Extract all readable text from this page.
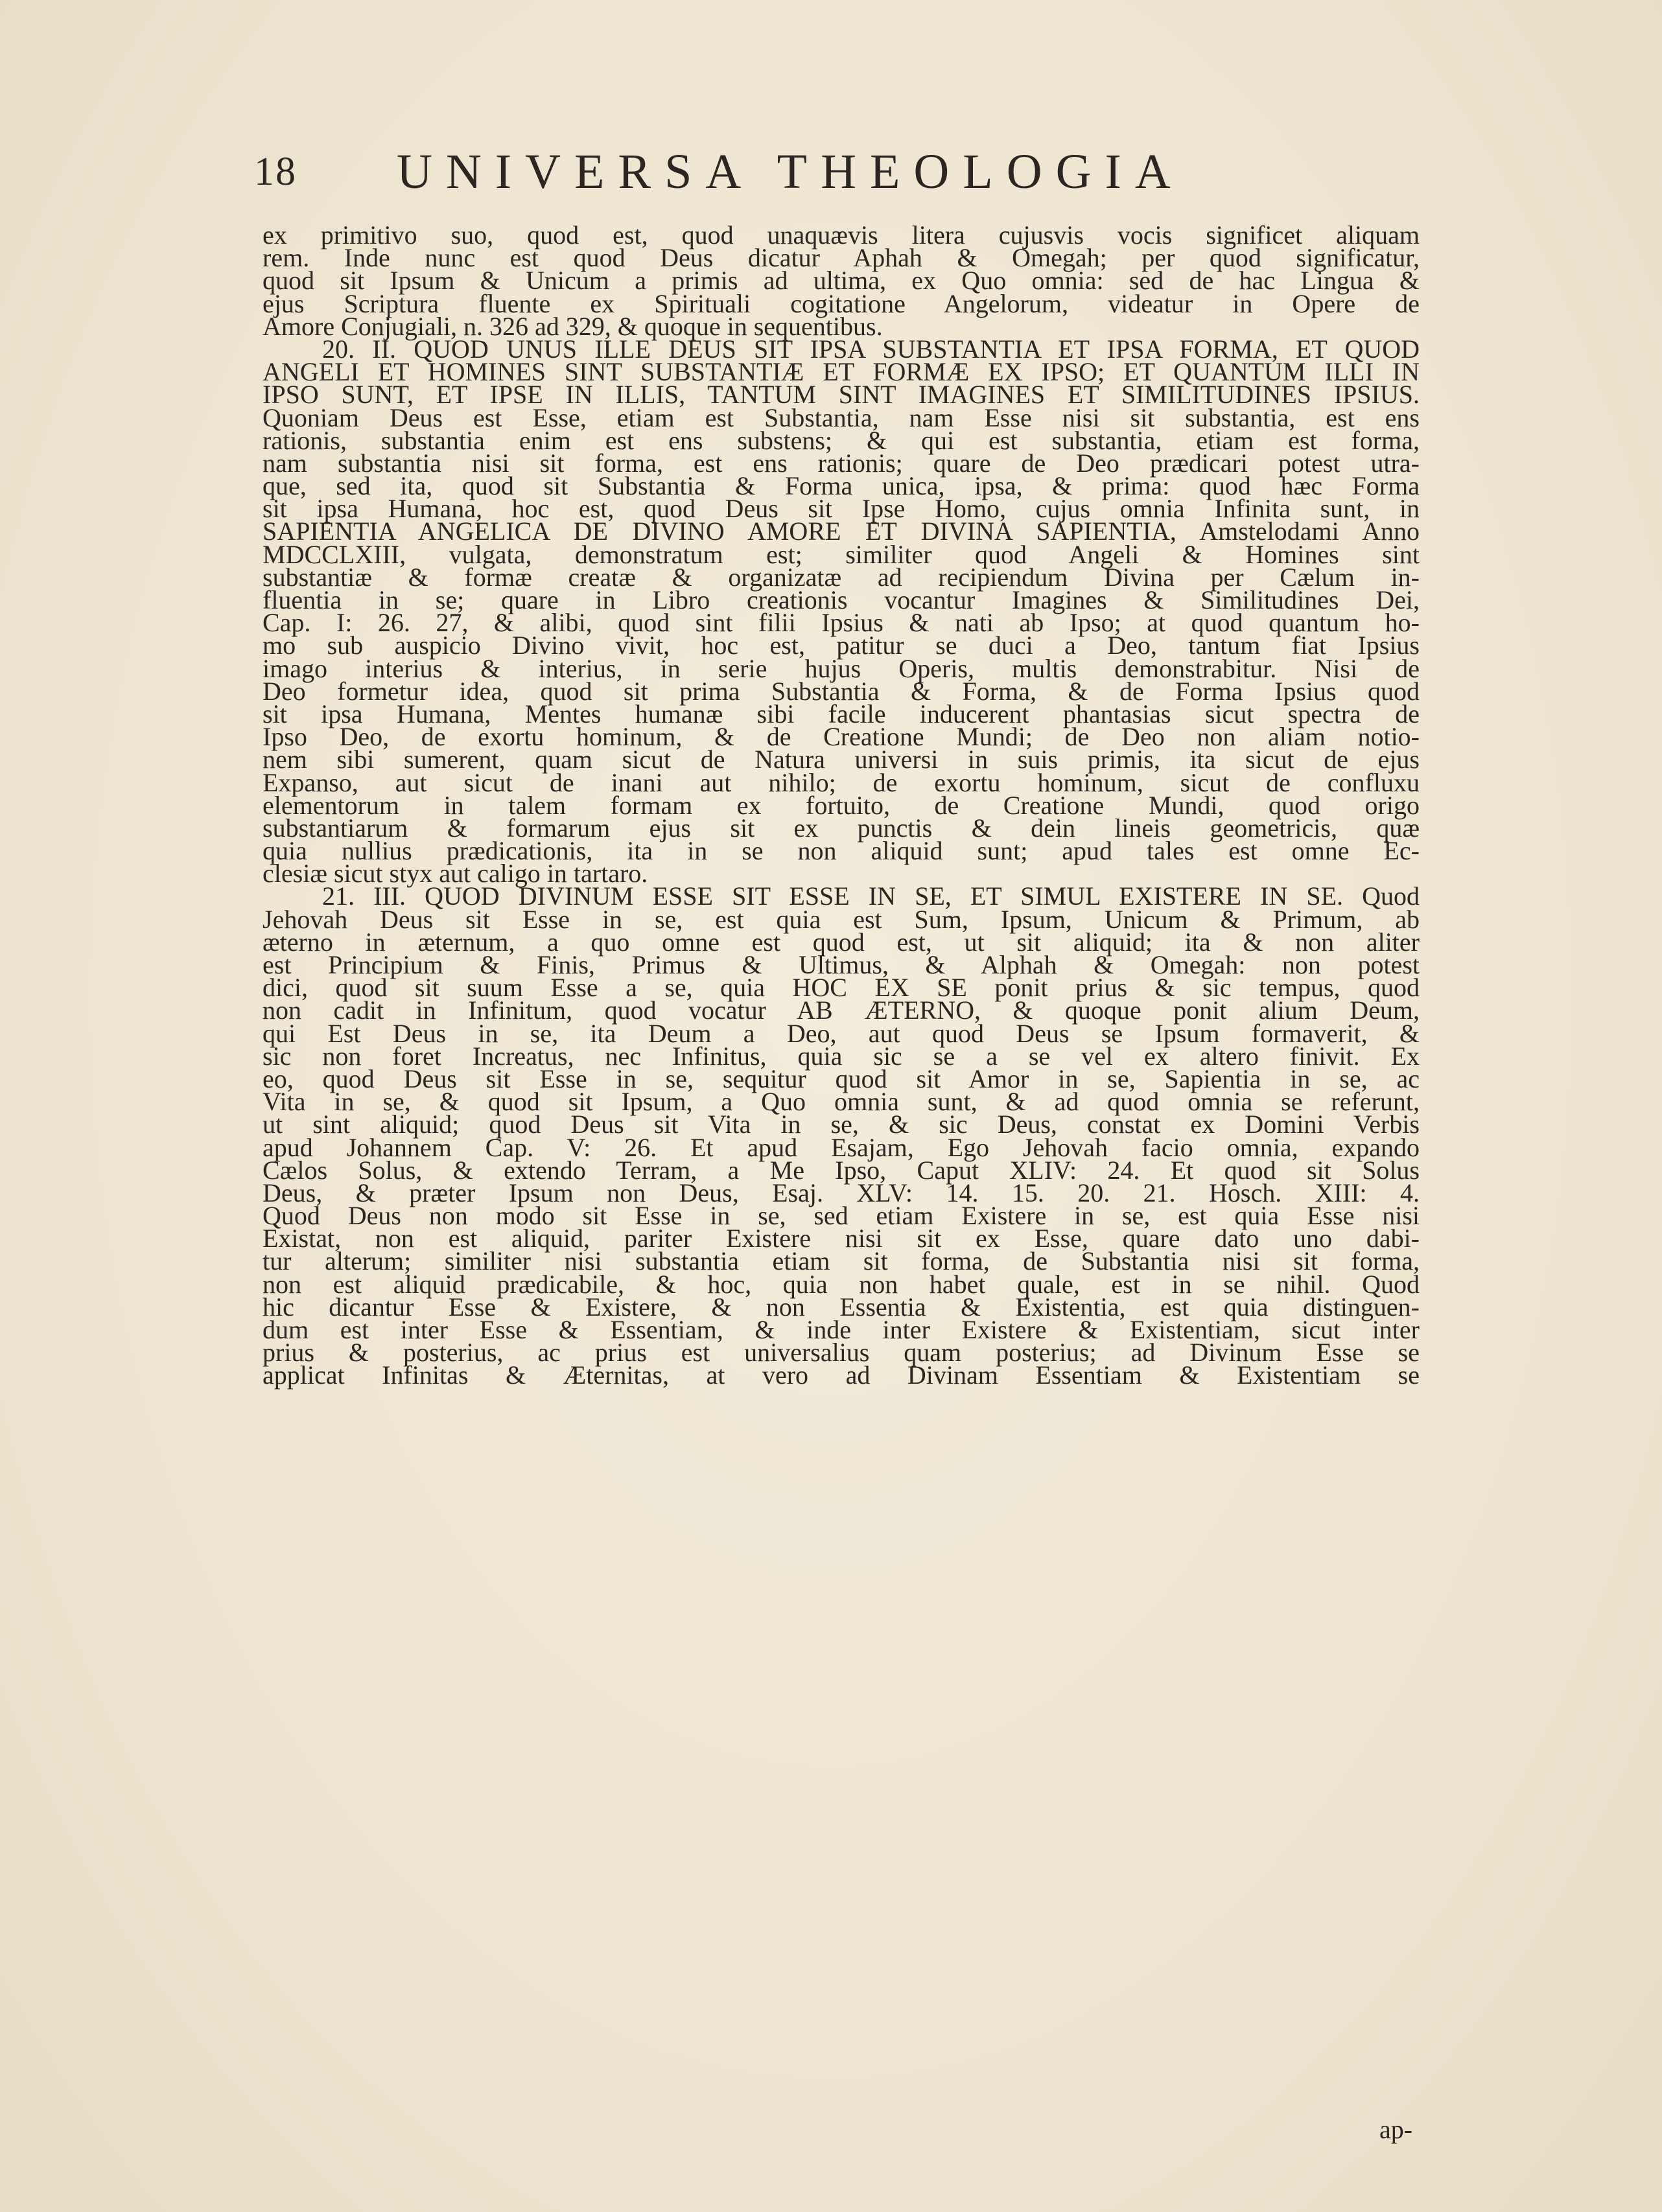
18 UNIVERSA THEOLOGIA
ex primitivo suo, quod est, quod unaquævis litera cujusvis vocis significet aliquam
rem. Inde nunc est quod Deus dicatur Aphah & Omegah; per quod significatur,
quod sit Ipsum & Unicum a primis ad ultima, ex Quo omnia: sed de hac Lingua &
ejus Scriptura fluente ex Spirituali cogitatione Angelorum, videatur in Opere de
Amore Conjugiali, n. 326 ad 329, & quoque in sequentibus.
20. II. QUOD UNUS ILLE DEUS SIT IPSA SUBSTANTIA ET IPSA FORMA, ET QUOD
ANGELI ET HOMINES SINT SUBSTANTIÆ ET FORMÆ EX IPSO; ET QUANTUM ILLI IN
IPSO SUNT, ET IPSE IN ILLIS, TANTUM SINT IMAGINES ET SIMILITUDINES IPSIUS.
Quoniam Deus est Esse, etiam est Substantia, nam Esse nisi sit substantia, est ens
rationis, substantia enim est ens substens; & qui est substantia, etiam est forma,
nam substantia nisi sit forma, est ens rationis; quare de Deo prædicari potest utra-
que, sed ita, quod sit Substantia & Forma unica, ipsa, & prima: quod hæc Forma
sit ipsa Humana, hoc est, quod Deus sit Ipse Homo, cujus omnia Infinita sunt, in
SAPIENTIA ANGELICA DE DIVINO AMORE ET DIVINA SAPIENTIA, Amstelodami Anno
MDCCLXIII, vulgata, demonstratum est; similiter quod Angeli & Homines sint
substantiæ & formæ creatæ & organizatæ ad recipiendum Divina per Cælum in-
fluentia in se; quare in Libro creationis vocantur Imagines & Similitudines Dei,
Cap. I: 26. 27, & alibi, quod sint filii Ipsius & nati ab Ipso; at quod quantum ho-
mo sub auspicio Divino vivit, hoc est, patitur se duci a Deo, tantum fiat Ipsius
imago interius & interius, in serie hujus Operis, multis demonstrabitur. Nisi de
Deo formetur idea, quod sit prima Substantia & Forma, & de Forma Ipsius quod
sit ipsa Humana, Mentes humanæ sibi facile inducerent phantasias sicut spectra de
Ipso Deo, de exortu hominum, & de Creatione Mundi; de Deo non aliam notio-
nem sibi sumerent, quam sicut de Natura universi in suis primis, ita sicut de ejus
Expanso, aut sicut de inani aut nihilo; de exortu hominum, sicut de confluxu
elementorum in talem formam ex fortuito, de Creatione Mundi, quod origo
substantiarum & formarum ejus sit ex punctis & dein lineis geometricis, quæ
quia nullius prædicationis, ita in se non aliquid sunt; apud tales est omne Ec-
clesiæ sicut styx aut caligo in tartaro.
21. III. QUOD DIVINUM ESSE SIT ESSE IN SE, ET SIMUL EXISTERE IN SE. Quod
Jehovah Deus sit Esse in se, est quia est Sum, Ipsum, Unicum & Primum, ab
æterno in æternum, a quo omne est quod est, ut sit aliquid; ita & non aliter
est Principium & Finis, Primus & Ultimus, & Alphah & Omegah: non potest
dici, quod sit suum Esse a se, quia HOC EX SE ponit prius & sic tempus, quod
non cadit in Infinitum, quod vocatur AB ÆTERNO, & quoque ponit alium Deum,
qui Est Deus in se, ita Deum a Deo, aut quod Deus se Ipsum formaverit, &
sic non foret Increatus, nec Infinitus, quia sic se a se vel ex altero finivit. Ex
eo, quod Deus sit Esse in se, sequitur quod sit Amor in se, Sapientia in se, ac
Vita in se, & quod sit Ipsum, a Quo omnia sunt, & ad quod omnia se referunt,
ut sint aliquid; quod Deus sit Vita in se, & sic Deus, constat ex Domini Verbis
apud Johannem Cap. V: 26. Et apud Esajam, Ego Jehovah facio omnia, expando
Cælos Solus, & extendo Terram, a Me Ipso, Caput XLIV: 24. Et quod sit Solus
Deus, & præter Ipsum non Deus, Esaj. XLV: 14. 15. 20. 21. Hosch. XIII: 4.
Quod Deus non modo sit Esse in se, sed etiam Existere in se, est quia Esse nisi
Existat, non est aliquid, pariter Existere nisi sit ex Esse, quare dato uno dabi-
tur alterum; similiter nisi substantia etiam sit forma, de Substantia nisi sit forma,
non est aliquid prædicabile, & hoc, quia non habet quale, est in se nihil. Quod
hic dicantur Esse & Existere, & non Essentia & Existentia, est quia distinguen-
dum est inter Esse & Essentiam, & inde inter Existere & Existentiam, sicut inter
prius & posterius, ac prius est universalius quam posterius; ad Divinum Esse se
applicat Infinitas & Æternitas, at vero ad Divinam Essentiam & Existentiam se
ap-
